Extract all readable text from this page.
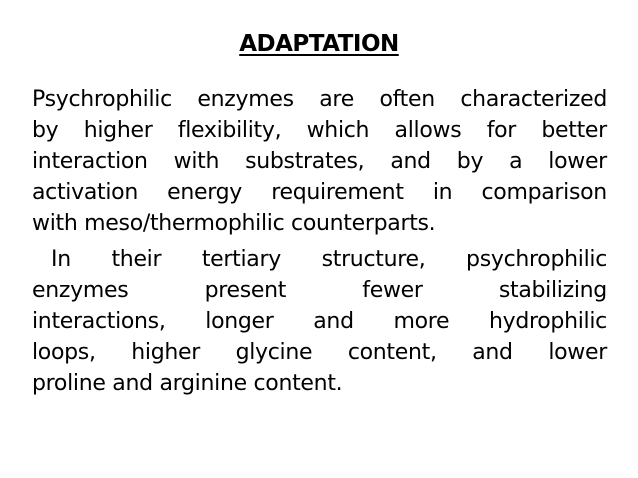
ADAPTATION
Psychrophilic enzymes are often characterized
by higher flexibility, which allows for better
interaction with substrates, and by a lower
activation energy requirement in comparison
with meso/thermophilic counterparts.
In their tertiary structure, psychrophilic
enzymes	present	fewer	stabilizing
interactions, longer and more hydrophilic
loops, higher glycine content, and lower
proline and arginine content.
